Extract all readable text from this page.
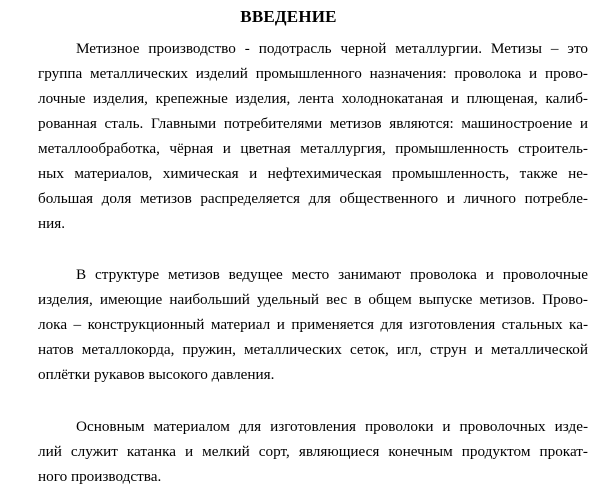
ВВЕДЕНИЕ
Метизное производство - подотрасль черной металлургии. Метизы – это
группа металлических изделий промышленного назначения: проволока и прово-
лочные изделия, крепежные изделия, лента холоднокатаная и плющеная, калиб-
рованная сталь. Главными потребителями метизов являются: машиностроение и
металлообработка, чёрная и цветная металлургия, промышленность строитель-
ных материалов, химическая и нефтехимическая промышленность, также не-
большая доля метизов распределяется для общественного и личного потребле-
ния.
В структуре метизов ведущее место занимают проволока и проволочные
изделия, имеющие наибольший удельный вес в общем выпуске метизов. Прово-
лока – конструкционный материал и применяется для изготовления стальных ка-
натов металлокорда, пружин, металлических сеток, игл, струн и металлической
оплётки рукавов высокого давления.
Основным материалом для изготовления проволоки и проволочных изде-
лий служит катанка и мелкий сорт, являющиеся конечным продуктом прокат-
ного производства.
